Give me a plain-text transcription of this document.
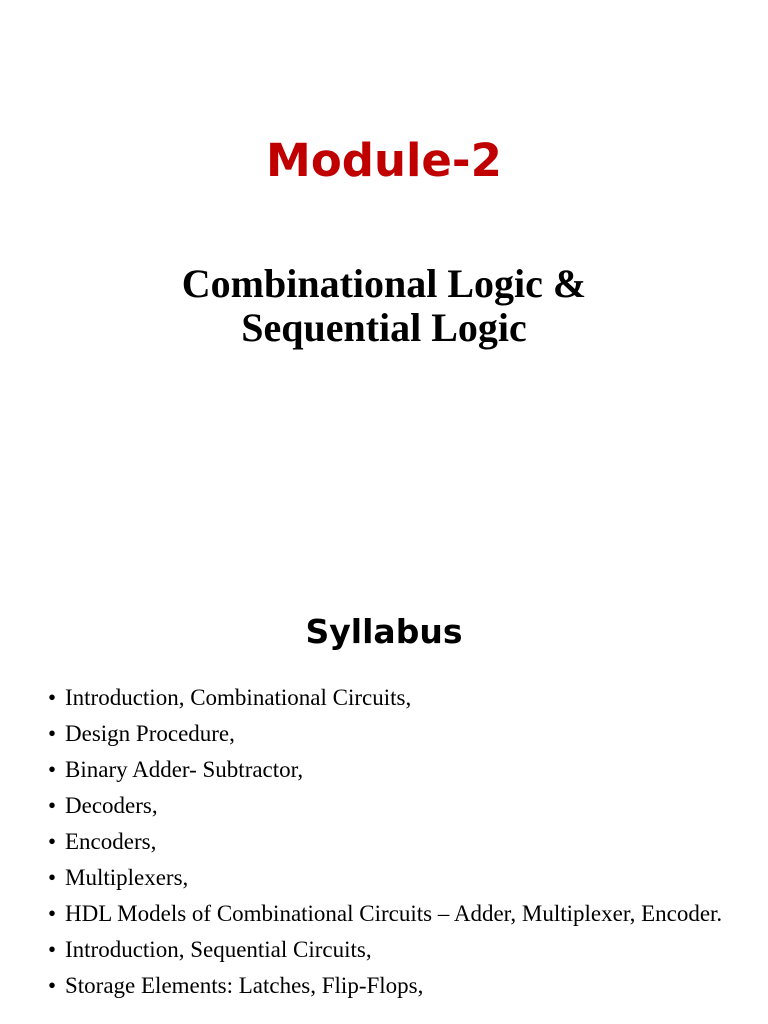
Module-2
Combinational Logic &
Sequential Logic
Syllabus
• Introduction, Combinational Circuits,
• Design Procedure,
• Binary Adder- Subtractor,
• Decoders,
• Encoders,
• Multiplexers,
• HDL Models of Combinational Circuits – Adder, Multiplexer, Encoder.
• Introduction, Sequential Circuits,
• Storage Elements: Latches, Flip-Flops,
